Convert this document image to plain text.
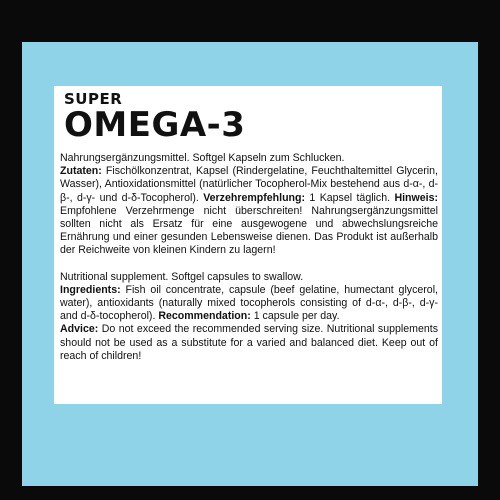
SUPER
OMEGA-3

Nahrungsergänzungsmittel. Softgel Kapseln zum Schlucken.
Zutaten: Fischölkonzentrat, Kapsel (Rindergelatine, Feuchthaltemittel Glycerin, Wasser), Antioxidationsmittel (natürlicher Tocopherol-Mix bestehend aus d-α-, d-β-, d-γ- und d-δ-Tocopherol). Verzehrempfehlung: 1 Kapsel täglich. Hinweis: Empfohlene Verzehrmenge nicht überschreiten! Nahrungsergänzungsmittel sollten nicht als Ersatz für eine ausgewogene und abwechslungsreiche Ernährung und einer gesunden Lebensweise dienen. Das Produkt ist außerhalb der Reichweite von kleinen Kindern zu lagern!

Nutritional supplement. Softgel capsules to swallow.
Ingredients: Fish oil concentrate, capsule (beef gelatine, humectant glycerol, water), antioxidants (naturally mixed tocopherols consisting of d-α-, d-β-, d-γ- and d-δ-tocopherol). Recommendation: 1 capsule per day.
Advice: Do not exceed the recommended serving size. Nutritional supplements should not be used as a substitute for a varied and balanced diet. Keep out of reach of children!
